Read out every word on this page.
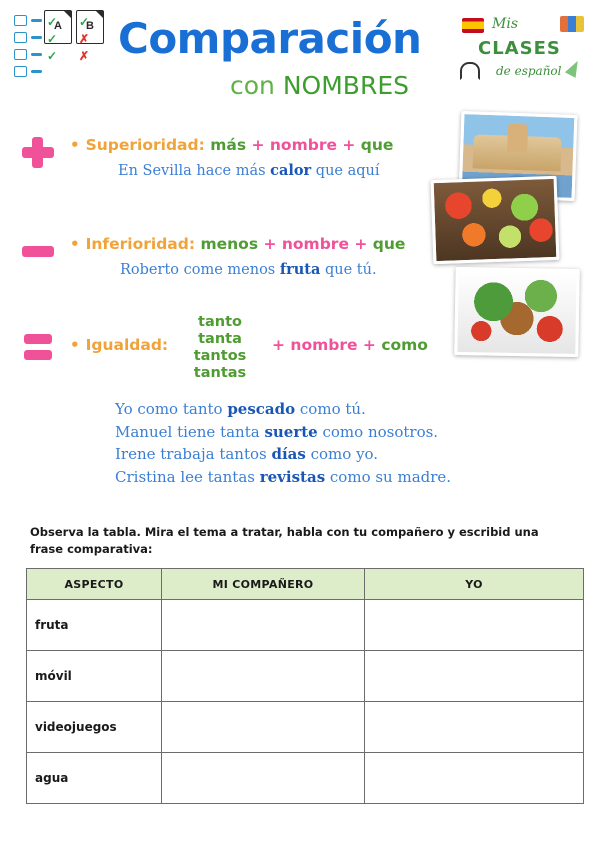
A	B
✓
✓
✓
✓
✗
✗ Comparación
con NOMBRES
Mis
CLASES
de español
• Superioridad: más + nombre + que
En Sevilla hace más calor que aquí
• Inferioridad: menos + nombre + que
Roberto come menos fruta que tú.
• Igualdad:
tanto
tanta
tantos
tantas
+ nombre + como
Yo como tanto pescado como tú.
Manuel tiene tanta suerte como nosotros.
Irene trabaja tantos días como yo.
Cristina lee tantas revistas como su madre.
Observa la tabla. Mira el tema a tratar, habla con tu compañero y escribid una frase comparativa:
ASPECTO	MI COMPAÑERO	YO
fruta		
móvil		
videojuegos		
agua		
